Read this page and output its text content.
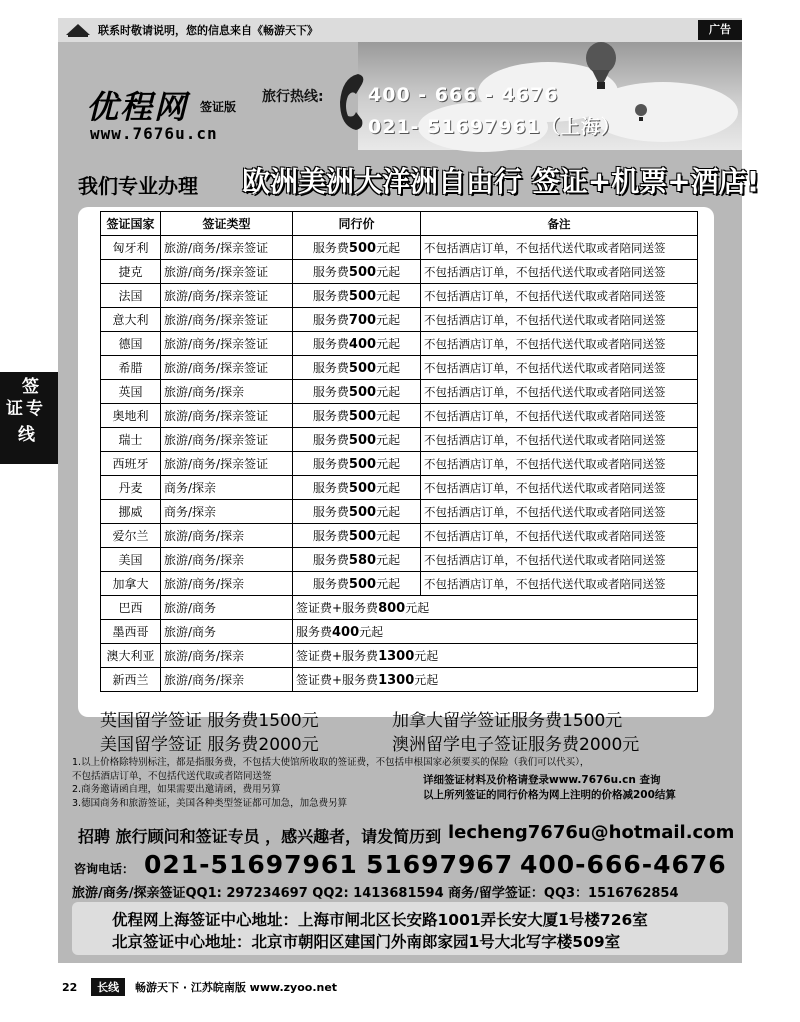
联系时敬请说明，您的信息来自《畅游天下》	广告
签
证 专
线
优程网 签证版
www.7676u.cn
旅行热线: 400 - 666 - 4676
021- 51697961（上海）
我们专业办理 欧洲美洲大洋洲自由行 签证+机票+酒店!
签证国家	签证类型	同行价	备注
匈牙利	旅游/商务/探亲签证	服务费500元起	不包括酒店订单，不包括代送代取或者陪同送签
捷克	旅游/商务/探亲签证	服务费500元起	不包括酒店订单，不包括代送代取或者陪同送签
法国	旅游/商务/探亲签证	服务费500元起	不包括酒店订单，不包括代送代取或者陪同送签
意大利	旅游/商务/探亲签证	服务费700元起	不包括酒店订单，不包括代送代取或者陪同送签
德国	旅游/商务/探亲签证	服务费400元起	不包括酒店订单，不包括代送代取或者陪同送签
希腊	旅游/商务/探亲签证	服务费500元起	不包括酒店订单，不包括代送代取或者陪同送签
英国	旅游/商务/探亲	服务费500元起	不包括酒店订单，不包括代送代取或者陪同送签
奥地利	旅游/商务/探亲签证	服务费500元起	不包括酒店订单，不包括代送代取或者陪同送签
瑞士	旅游/商务/探亲签证	服务费500元起	不包括酒店订单，不包括代送代取或者陪同送签
西班牙	旅游/商务/探亲签证	服务费500元起	不包括酒店订单，不包括代送代取或者陪同送签
丹麦	商务/探亲	服务费500元起	不包括酒店订单，不包括代送代取或者陪同送签
挪威	商务/探亲	服务费500元起	不包括酒店订单，不包括代送代取或者陪同送签
爱尔兰	旅游/商务/探亲	服务费500元起	不包括酒店订单，不包括代送代取或者陪同送签
美国	旅游/商务/探亲	服务费580元起	不包括酒店订单，不包括代送代取或者陪同送签
加拿大	旅游/商务/探亲	服务费500元起	不包括酒店订单，不包括代送代取或者陪同送签
巴西	旅游/商务	签证费+服务费800元起	
墨西哥	旅游/商务	服务费400元起	
澳大利亚	旅游/商务/探亲	签证费+服务费1300元起	
新西兰	旅游/商务/探亲	签证费+服务费1300元起	
英国留学签证 服务费1500元	加拿大留学签证服务费1500元
美国留学签证 服务费2000元	澳洲留学电子签证服务费2000元
1.以上价格除特别标注，都是指服务费，不包括大使馆所收取的签证费，不包括申根国家必须要买的保险（我们可以代买），
不包括酒店订单，不包括代送代取或者陪同送签
2.商务邀请函自理，如果需要出邀请函，费用另算
3.德国商务和旅游签证，美国各种类型签证都可加急，加急费另算
详细签证材料及价格请登录www.7676u.cn 查询
以上所列签证的同行价格为网上注明的价格减200结算
招聘 旅行顾问和签证专员 ，感兴趣者，请发简历到 lecheng7676u@hotmail.com
咨询电话： 021-51697961 51697967 400-666-4676
旅游/商务/探亲签证QQ1: 297234697 QQ2: 1413681594 商务/留学签证：QQ3：1516762854
优程网上海签证中心地址：上海市闸北区长安路1001弄长安大厦1号楼726室
北京签证中心地址：北京市朝阳区建国门外南郎家园1号大北写字楼509室
22 长线 畅游天下 · 江苏皖南版 www.zyoo.net
